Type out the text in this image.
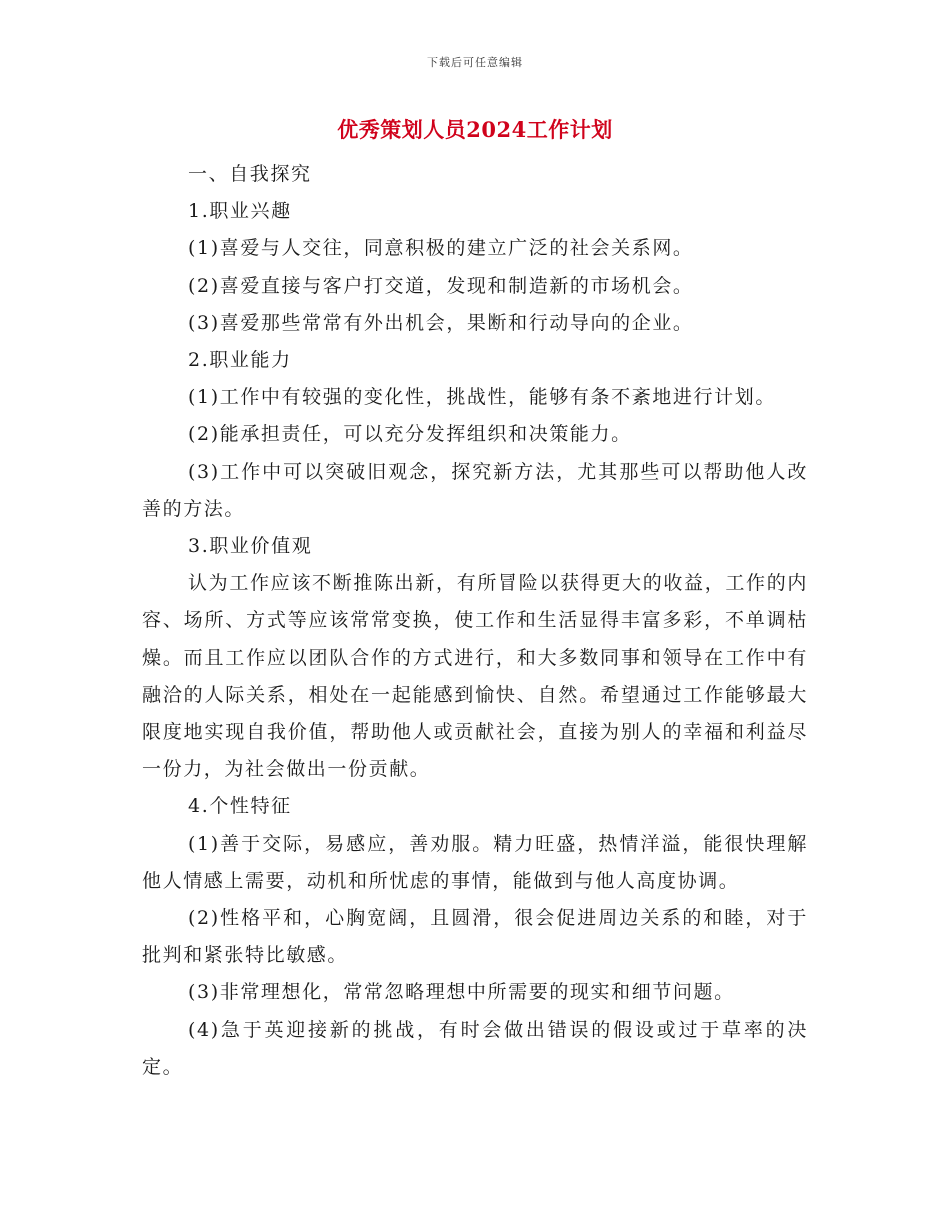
下载后可任意编辑
优秀策划人员2024工作计划

一、自我探究

1.职业兴趣

(1)喜爱与人交往，同意积极的建立广泛的社会关系网。

(2)喜爱直接与客户打交道，发现和制造新的市场机会。

(3)喜爱那些常常有外出机会，果断和行动导向的企业。

2.职业能力

(1)工作中有较强的变化性，挑战性，能够有条不紊地进行计划。

(2)能承担责任，可以充分发挥组织和决策能力。

(3)工作中可以突破旧观念，探究新方法，尤其那些可以帮助他人改善的方法。

3.职业价值观

认为工作应该不断推陈出新，有所冒险以获得更大的收益，工作的内容、场所、方式等应该常常变换，使工作和生活显得丰富多彩，不单调枯燥。而且工作应以团队合作的方式进行，和大多数同事和领导在工作中有融洽的人际关系，相处在一起能感到愉快、自然。希望通过工作能够最大限度地实现自我价值，帮助他人或贡献社会，直接为别人的幸福和利益尽一份力，为社会做出一份贡献。

4.个性特征

(1)善于交际，易感应，善劝服。精力旺盛，热情洋溢，能很快理解他人情感上需要，动机和所忧虑的事情，能做到与他人高度协调。

(2)性格平和，心胸宽阔，且圆滑，很会促进周边关系的和睦，对于批判和紧张特比敏感。

(3)非常理想化，常常忽略理想中所需要的现实和细节问题。

(4)急于英迎接新的挑战，有时会做出错误的假设或过于草率的决定。
